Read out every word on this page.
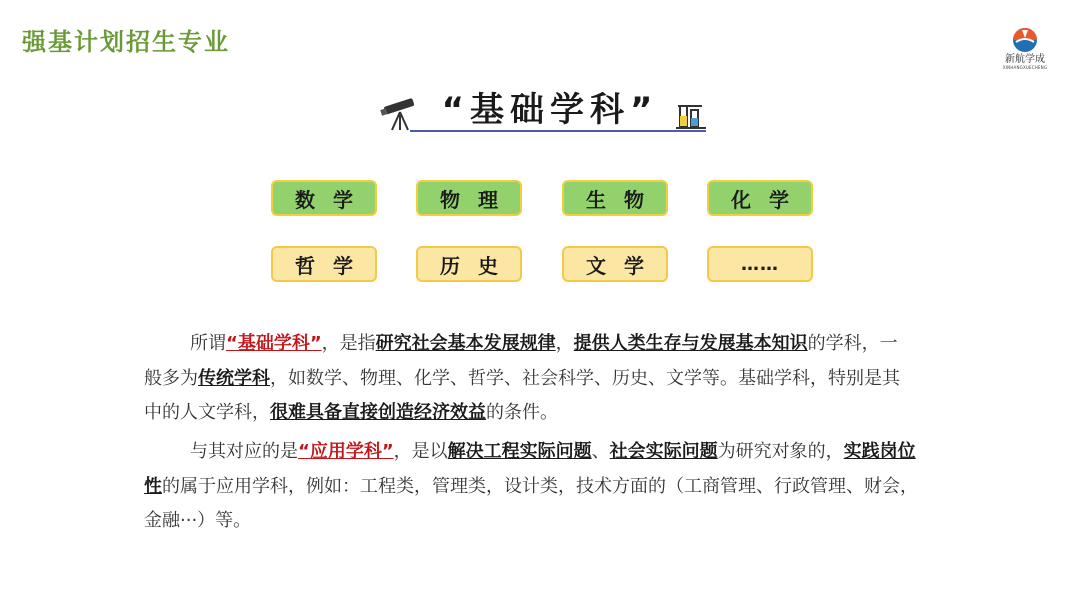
强基计划招生专业
新航学成
XINHANGXUECHENG
“基础学科”
数学	物理	生物	化学
哲学	历史	文学	……
所谓“基础学科”，是指研究社会基本发展规律，提供人类生存与发展基本知识的学科，一
般多为传统学科，如数学、物理、化学、哲学、社会科学、历史、文学等。基础学科，特别是其
中的人文学科，很难具备直接创造经济效益的条件。
与其对应的是“应用学科”，是以解决工程实际问题、社会实际问题为研究对象的，实践岗位
性的属于应用学科，例如：工程类，管理类，设计类，技术方面的（工商管理、行政管理、财会，
金融···）等。
